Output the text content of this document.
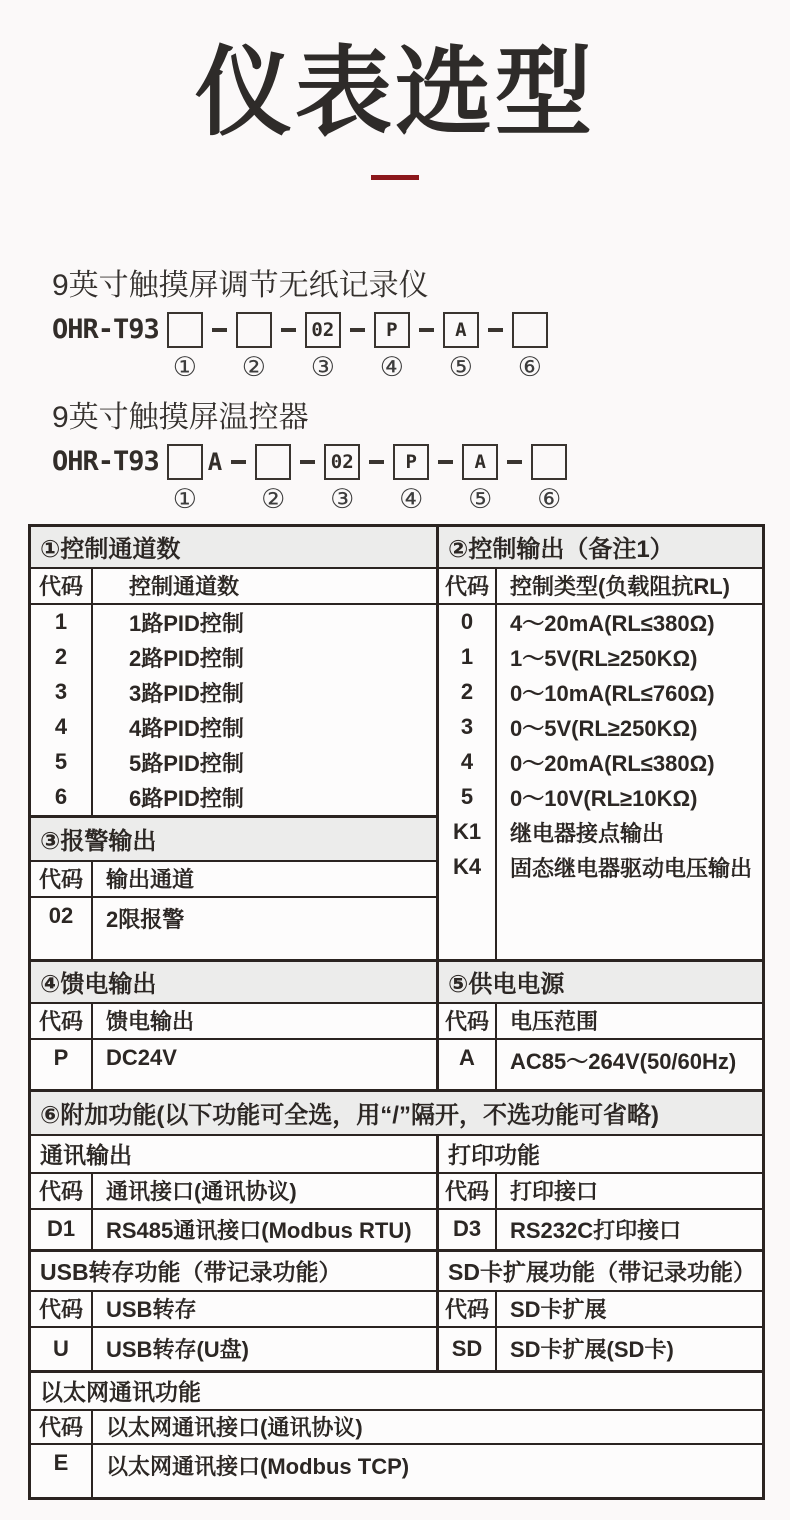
仪表选型
9英寸触摸屏调节无纸记录仪
OHR-T93
① ②
02
③
P
④
A
⑤ ⑥
9英寸触摸屏温控器
OHR-T93
①
A
②
02
③
P
④
A
⑤ ⑥
①控制通道数
代码	控制通道数
1	1路PID控制
2	2路PID控制
3	3路PID控制
4	4路PID控制
5	5路PID控制
6	6路PID控制
③报警输出
代码	输出通道
02	2限报警
②控制输出（备注1）
代码 控制类型(负载阻抗RL)
0	4～20mA(RL≤380Ω)
1	1～5V(RL≥250KΩ)
2	0～10mA(RL≤760Ω)
3	0～5V(RL≥250KΩ)
4	0～20mA(RL≤380Ω)
5	0～10V(RL≥10KΩ)
K1	继电器接点输出
K4	固态继电器驱动电压输出
④馈电输出
代码	馈电输出
P	DC24V
⑤供电电源
代码 电压范围
A	AC85～264V(50/60Hz)
⑥附加功能(以下功能可全选，用“/”隔开，不选功能可省略)
通讯输出
代码	通讯接口(通讯协议)
D1	RS485通讯接口(Modbus RTU)
USB转存功能（带记录功能）
代码	USB转存
U	USB转存(U盘)
打印功能
代码 打印接口
D3	RS232C打印接口
SD卡扩展功能（带记录功能）
代码 SD卡扩展
SD	SD卡扩展(SD卡)
以太网通讯功能
代码	以太网通讯接口(通讯协议)
E	以太网通讯接口(Modbus TCP)
